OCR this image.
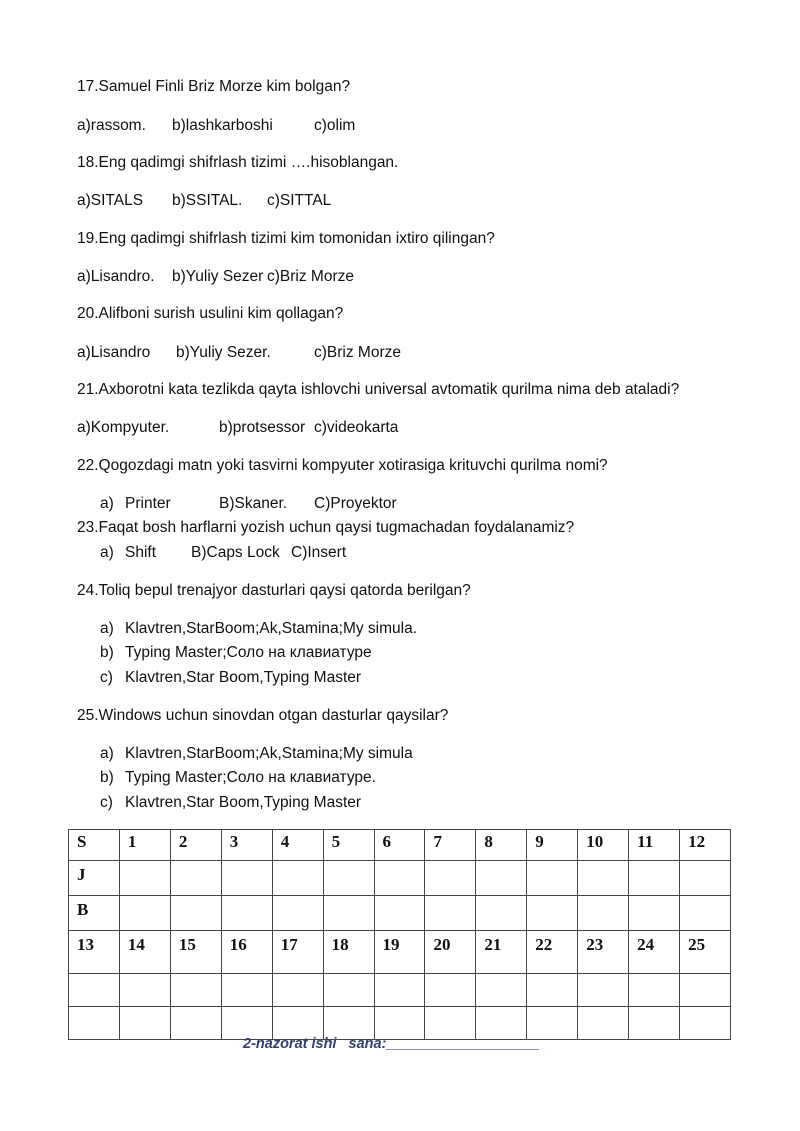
17.Samuel Finli Briz Morze kim bolgan?
a)rassom. b)lashkarboshi	c)olim
18.Eng qadimgi shifrlash tizimi ….hisoblangan.
a)SITALS b)SSITAL. c)SITTAL
19.Eng qadimgi shifrlash tizimi kim tomonidan ixtiro qilingan?
a)Lisandro. b)Yuliy Sezer c)Briz Morze
20.Alifboni surish usulini kim qollagan?
a)Lisandro b)Yuliy Sezer.	c)Briz Morze
21.Axborotni kata tezlikda qayta ishlovchi universal avtomatik qurilma nima deb ataladi?
a)Kompyuter.	b)protsessor c)videokarta
22.Qogozdagi matn yoki tasvirni kompyuter xotirasiga krituvchi qurilma nomi?
a) Printer	B)Skaner. C)Proyektor
23.Faqat bosh harflarni yozish uchun qaysi tugmachadan foydalanamiz?
a) Shift B)Caps Lock C)Insert
24.Toliq bepul trenajyor dasturlari qaysi qatorda berilgan?
a) Klavtren,StarBoom;Ak,Stamina;My simula.
b) Typing Master;Соло на клавиатуре
c) Klavtren,Star Boom,Typing Master
25.Windows uchun sinovdan otgan dasturlar qaysilar?
a) Klavtren,StarBoom;Ak,Stamina;My simula
b) Typing Master;Соло на клавиатуре.
c) Klavtren,Star Boom,Typing Master
S	1	2	3	4	5	6	7	8	9	10	11	12
J												
B												
13	14	15	16	17	18	19	20	21	22	23	24	25

2-nazorat ishi   sana:___________________
